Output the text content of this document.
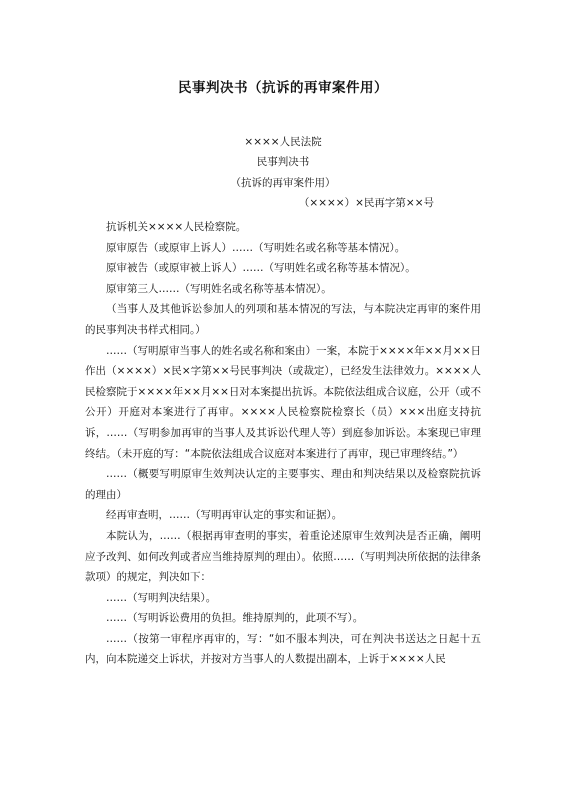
民事判决书（抗诉的再审案件用）
××××人民法院
民事判决书
（抗诉的再审案件用）
（××××）×民再字第××号

抗诉机关××××人民检察院。

原审原告（或原审上诉人）……（写明姓名或名称等基本情况）。

原审被告（或原审被上诉人）……（写明姓名或名称等基本情况）。

原审第三人……（写明姓名或名称等基本情况）。

（当事人及其他诉讼参加人的列项和基本情况的写法，与本院决定再审的案件用的民事判决书样式相同。）

……（写明原审当事人的姓名或名称和案由）一案，本院于××××年××月××日作出（××××）×民×字第××号民事判决（或裁定），已经发生法律效力。××××人民检察院于××××年××月××日对本案提出抗诉。本院依法组成合议庭，公开（或不公开）开庭对本案进行了再审。××××人民检察院检察长（员）×××出庭支持抗诉，……（写明参加再审的当事人及其诉讼代理人等）到庭参加诉讼。本案现已审理终结。（未开庭的写：“本院依法组成合议庭对本案进行了再审，现已审理终结。”）

……（概要写明原审生效判决认定的主要事实、理由和判决结果以及检察院抗诉的理由）

经再审查明，……（写明再审认定的事实和证据）。

本院认为，……（根据再审查明的事实，着重论述原审生效判决是否正确，阐明应予改判、如何改判或者应当维持原判的理由）。依照……（写明判决所依据的法律条款项）的规定，判决如下：

……（写明判决结果）。

……（写明诉讼费用的负担。维持原判的，此项不写）。

……（按第一审程序再审的，写：“如不服本判决，可在判决书送达之日起十五内，向本院递交上诉状，并按对方当事人的人数提出副本，上诉于××××人民
